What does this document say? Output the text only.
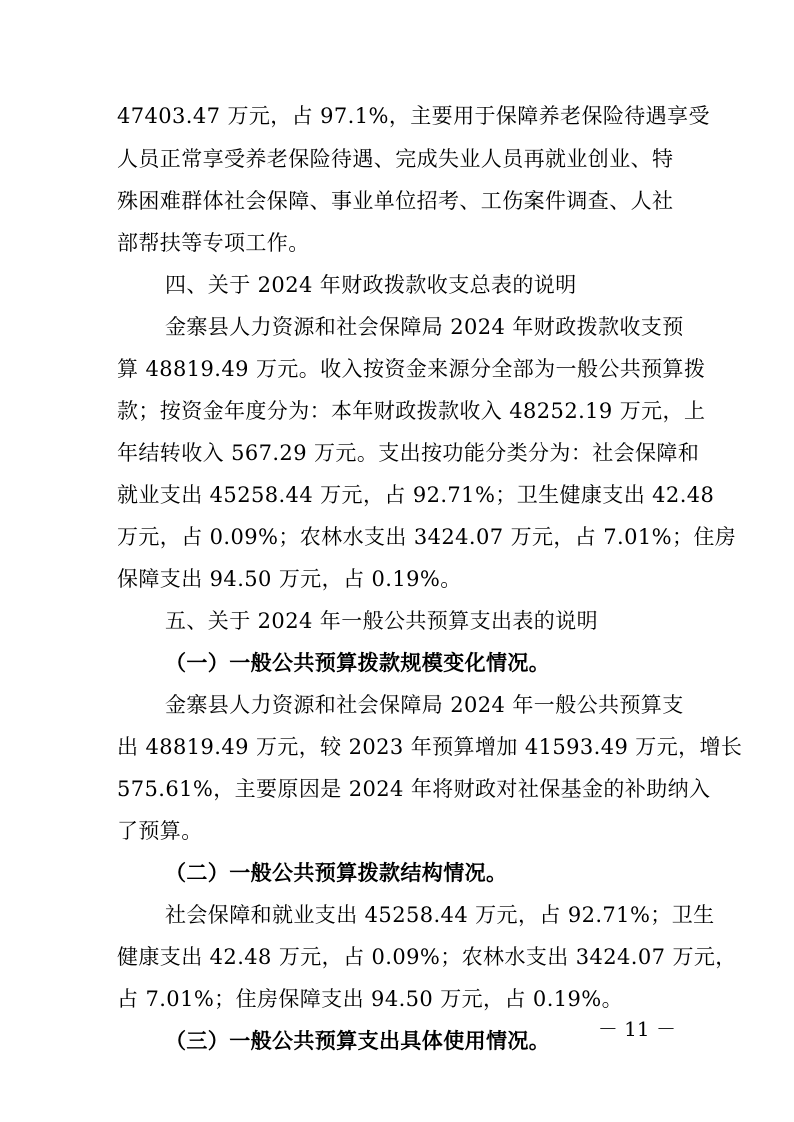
47403.47 万元，占 97.1%，主要用于保障养老保险待遇享受
人员正常享受养老保险待遇、完成失业人员再就业创业、特
殊困难群体社会保障、事业单位招考、工伤案件调查、人社
部帮扶等专项工作。
四、关于 2024 年财政拨款收支总表的说明
金寨县人力资源和社会保障局 2024 年财政拨款收支预
算 48819.49 万元。收入按资金来源分全部为一般公共预算拨
款；按资金年度分为：本年财政拨款收入 48252.19 万元，上
年结转收入 567.29 万元。支出按功能分类分为：社会保障和
就业支出 45258.44 万元，占 92.71%；卫生健康支出 42.48
万元，占 0.09%；农林水支出 3424.07 万元，占 7.01%；住房
保障支出 94.50 万元，占 0.19%。
五、关于 2024 年一般公共预算支出表的说明
（一）一般公共预算拨款规模变化情况。
金寨县人力资源和社会保障局 2024 年一般公共预算支
出 48819.49 万元，较 2023 年预算增加 41593.49 万元，增长
575.61%，主要原因是 2024 年将财政对社保基金的补助纳入
了预算。
（二）一般公共预算拨款结构情况。
社会保障和就业支出 45258.44 万元，占 92.71%；卫生
健康支出 42.48 万元，占 0.09%；农林水支出 3424.07 万元，
占 7.01%；住房保障支出 94.50 万元，占 0.19%。
（三）一般公共预算支出具体使用情况。 － 11 －
